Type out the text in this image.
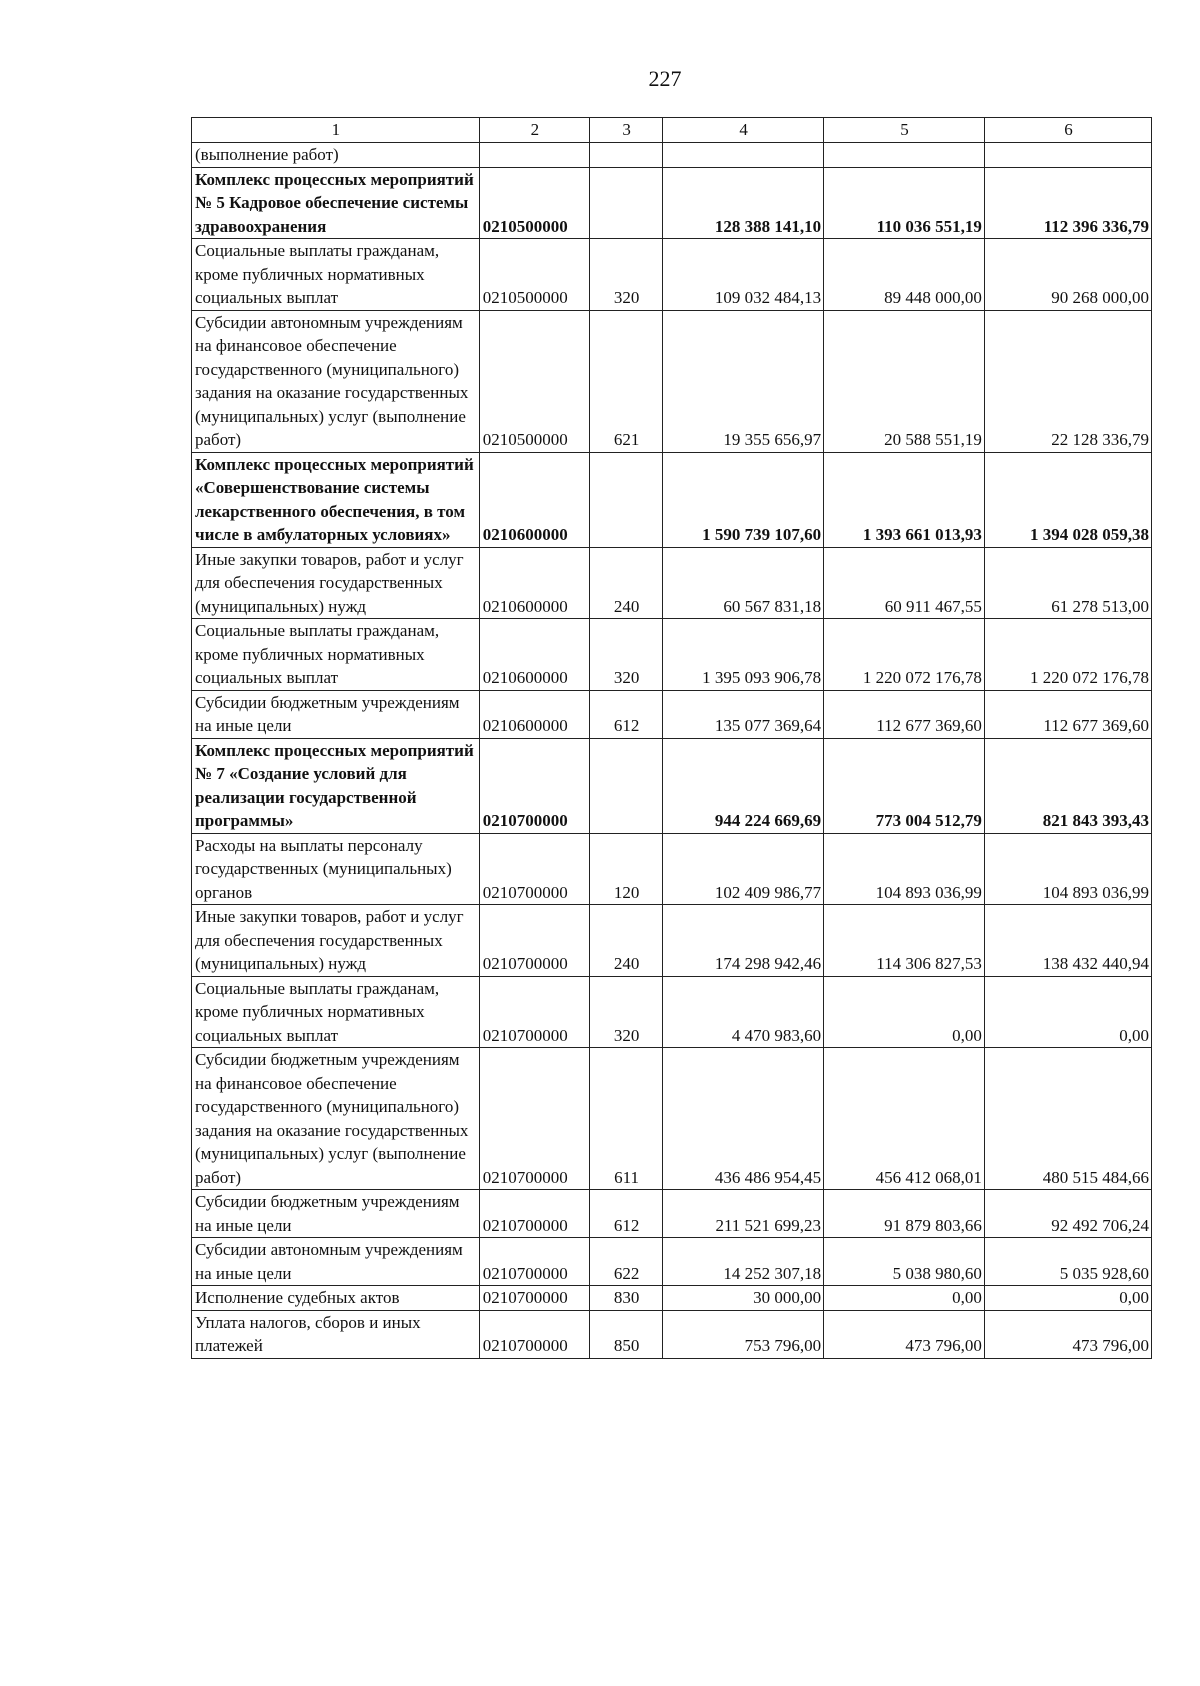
227
1	2	3	4	5	6
(выполнение работ)					
Комплекс процессных мероприятий № 5 Кадровое обеспечение системы здравоохранения	0210500000		128 388 141,10	110 036 551,19	112 396 336,79
Социальные выплаты гражданам, кроме публичных нормативных социальных выплат	0210500000	320	109 032 484,13	89 448 000,00	90 268 000,00
Субсидии автономным учреждениям на финансовое обеспечение государственного (муниципального) задания на оказание государственных (муниципальных) услуг (выполнение работ)	0210500000	621	19 355 656,97	20 588 551,19	22 128 336,79
Комплекс процессных мероприятий «Совершенствование системы лекарственного обеспечения, в том числе в амбулаторных условиях»	0210600000		1 590 739 107,60	1 393 661 013,93	1 394 028 059,38
Иные закупки товаров, работ и услуг для обеспечения государственных (муниципальных) нужд	0210600000	240	60 567 831,18	60 911 467,55	61 278 513,00
Социальные выплаты гражданам, кроме публичных нормативных социальных выплат	0210600000	320	1 395 093 906,78	1 220 072 176,78	1 220 072 176,78
Субсидии бюджетным учреждениям на иные цели	0210600000	612	135 077 369,64	112 677 369,60	112 677 369,60
Комплекс процессных мероприятий № 7 «Создание условий для реализации государственной программы»	0210700000		944 224 669,69	773 004 512,79	821 843 393,43
Расходы на выплаты персоналу государственных (муниципальных) органов	0210700000	120	102 409 986,77	104 893 036,99	104 893 036,99
Иные закупки товаров, работ и услуг для обеспечения государственных (муниципальных) нужд	0210700000	240	174 298 942,46	114 306 827,53	138 432 440,94
Социальные выплаты гражданам, кроме публичных нормативных социальных выплат	0210700000	320	4 470 983,60	0,00	0,00
Субсидии бюджетным учреждениям на финансовое обеспечение государственного (муниципального) задания на оказание государственных (муниципальных) услуг (выполнение работ)	0210700000	611	436 486 954,45	456 412 068,01	480 515 484,66
Субсидии бюджетным учреждениям на иные цели	0210700000	612	211 521 699,23	91 879 803,66	92 492 706,24
Субсидии автономным учреждениям на иные цели	0210700000	622	14 252 307,18	5 038 980,60	5 035 928,60
Исполнение судебных актов	0210700000	830	30 000,00	0,00	0,00
Уплата налогов, сборов и иных платежей	0210700000	850	753 796,00	473 796,00	473 796,00
